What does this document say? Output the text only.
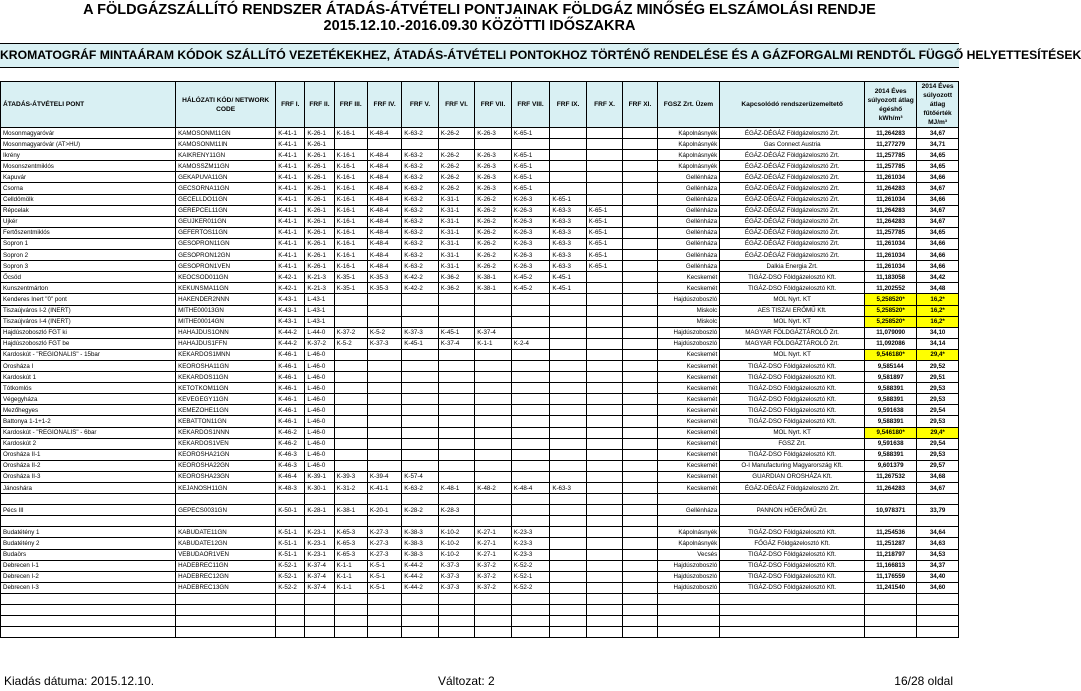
A FÖLDGÁZSZÁLLÍTÓ RENDSZER ÁTADÁS-ÁTVÉTELI PONTJAINAK FÖLDGÁZ MINŐSÉG ELSZÁMOLÁSI RENDJE
2015.12.10.-2016.09.30 KÖZÖTTI IDŐSZAKRA
KROMATOGRÁF MINTAÁRAM KÓDOK SZÁLLÍTÓ VEZETÉKEKHEZ, ÁTADÁS-ÁTVÉTELI PONTOKHOZ TÖRTÉNŐ RENDELÉSE ÉS A GÁZFORGALMI RENDTŐL FÜGGŐ HELYETTESÍTÉSEK
ÁTADÁS-ÁTVÉTELI PONT	HÁLÓZATI KÓD/ NETWORK CODE	FRF I.	FRF II.	FRF III.	FRF IV.	FRF V.	FRF VI.	FRF VII.	FRF VIII.	FRF IX.	FRF X.	FRF XI.	FGSZ Zrt. Üzem	Kapcsolódó rendszerüzemeltető	2014 Éves súlyozott átlag égéshő
kWh/m³	2014 Éves súlyozott átlag fűtőérték MJ/m³
Mosonmagyaróvár	KAMOSONM11GN	K-41-1	K-26-1	K-16-1	K-48-4	K-63-2	K-26-2	K-26-3	K-65-1				Kápolnásnyék	ÉGÁZ-DÉGÁZ Földgázelosztó Zrt.	11,264283	34,67
Mosonmagyaróvár (AT>HU)	KAMOSONM11IN	K-41-1	K-26-1										Kápolnásnyék	Gas Connect Austria	11,277279	34,71
Ikrény	KAIKRENY11GN	K-41-1	K-26-1	K-16-1	K-48-4	K-63-2	K-26-2	K-26-3	K-65-1				Kápolnásnyék	ÉGÁZ-DÉGÁZ Földgázelosztó Zrt.	11,257785	34,65
Mosonszentmiklós	KAMOSSZM11GN	K-41-1	K-26-1	K-16-1	K-48-4	K-63-2	K-26-2	K-26-3	K-65-1				Kápolnásnyék	ÉGÁZ-DÉGÁZ Földgázelosztó Zrt.	11,257785	34,65
Kapuvár	GEKAPUVA11GN	K-41-1	K-26-1	K-16-1	K-48-4	K-63-2	K-26-2	K-26-3	K-65-1				Gellénháza	ÉGÁZ-DÉGÁZ Földgázelosztó Zrt.	11,261034	34,66
Csorna	GECSORNA11GN	K-41-1	K-26-1	K-16-1	K-48-4	K-63-2	K-26-2	K-26-3	K-65-1				Gellénháza	ÉGÁZ-DÉGÁZ Földgázelosztó Zrt.	11,264283	34,67
Celldömölk	GECELLDO11GN	K-41-1	K-26-1	K-16-1	K-48-4	K-63-2	K-31-1	K-26-2	K-26-3	K-65-1			Gellénháza	ÉGÁZ-DÉGÁZ Földgázelosztó Zrt.	11,261034	34,66
Répcelak	GEREPCEL11GN	K-41-1	K-26-1	K-16-1	K-48-4	K-63-2	K-31-1	K-26-2	K-26-3	K-63-3	K-65-1		Gellénháza	ÉGÁZ-DÉGÁZ Földgázelosztó Zrt.	11,264283	34,67
Ujkér	GEUJKER011GN	K-41-1	K-26-1	K-16-1	K-48-4	K-63-2	K-31-1	K-26-2	K-26-3	K-63-3	K-65-1		Gellénháza	ÉGÁZ-DÉGÁZ Földgázelosztó Zrt.	11,264283	34,67
Fertőszentmiklós	GEFERTOS11GN	K-41-1	K-26-1	K-16-1	K-48-4	K-63-2	K-31-1	K-26-2	K-26-3	K-63-3	K-65-1		Gellénháza	ÉGÁZ-DÉGÁZ Földgázelosztó Zrt.	11,257785	34,65
Sopron 1	GESOPRON11GN	K-41-1	K-26-1	K-16-1	K-48-4	K-63-2	K-31-1	K-26-2	K-26-3	K-63-3	K-65-1		Gellénháza	ÉGÁZ-DÉGÁZ Földgázelosztó Zrt.	11,261034	34,66
Sopron 2	GESOPRON12GN	K-41-1	K-26-1	K-16-1	K-48-4	K-63-2	K-31-1	K-26-2	K-26-3	K-63-3	K-65-1		Gellénháza	ÉGÁZ-DÉGÁZ Földgázelosztó Zrt.	11,261034	34,66
Sopron 3	GESOPRON1VEN	K-41-1	K-26-1	K-16-1	K-48-4	K-63-2	K-31-1	K-26-2	K-26-3	K-63-3	K-65-1		Gellénháza	Dalkia Energia Zrt.	11,261034	34,66
Őcsöd	KEOCSOD011GN	K-42-1	K-21-3	K-35-1	K-35-3	K-42-2	K-36-2	K-38-1	K-45-2	K-45-1			Kecskemét	TIGÁZ-DSO Földgázelosztó Kft.	11,183058	34,42
Kunszentmárton	KEKUNSMA11GN	K-42-1	K-21-3	K-35-1	K-35-3	K-42-2	K-36-2	K-38-1	K-45-2	K-45-1			Kecskemét	TIGÁZ-DSO Földgázelosztó Kft.	11,202552	34,48
Kenderes Inert "0" pont	HAKENDER2NNN	K-43-1	L-43-1										Hajdúszoboszló	MOL Nyrt. KT	5,258520*	16,2*
Tiszaújváros I-2 (INERT)	MITHE00013GN	K-43-1	L-43-1										Miskolc	AES TISZAI ERŐMŰ Kft.	5,258520*	16,2*
Tiszaújváros I-4 (INERT)	MITHE00014GN	K-43-1	L-43-1										Miskolc	MOL Nyrt. KT	5,258520*	16,2*
Hajdúszoboszló FGT ki	HAHAJDUS1ONN	K-44-2	L-44-0	K-37-2	K-5-2	K-37-3	K-45-1	K-37-4					Hajdúszoboszló	MAGYAR FÖLDGÁZTÁROLÓ Zrt.	11,079090	34,10
Hajdúszoboszló FGT be	HAHAJDUS1FFN	K-44-2	K-37-2	K-5-2	K-37-3	K-45-1	K-37-4	K-1-1	K-2-4				Hajdúszoboszló	MAGYAR FÖLDGÁZTÁROLÓ Zrt.	11,092086	34,14
Kardoskút - "REGIONALIS" - 15bar	KEKARDOS1MNN	K-46-1	L-46-0										Kecskemét	MOL Nyrt. KT	9,546180*	29,4*
Orosháza I	KEOROSHA11GN	K-46-1	L-46-0										Kecskemét	TIGÁZ-DSO Földgázelosztó Kft.	9,585144	29,52
Kardoskút 1	KEKARDOS11GN	K-46-1	L-46-0										Kecskemét	TIGÁZ-DSO Földgázelosztó Kft.	9,581897	29,51
Tótkomlós	KETOTKOM11GN	K-46-1	L-46-0										Kecskemét	TIGÁZ-DSO Földgázelosztó Kft.	9,588391	29,53
Végegyháza	KEVEGEGY11GN	K-46-1	L-46-0										Kecskemét	TIGÁZ-DSO Földgázelosztó Kft.	9,588391	29,53
Mezőhegyes	KEMEZOHE11GN	K-46-1	L-46-0										Kecskemét	TIGÁZ-DSO Földgázelosztó Kft.	9,591638	29,54
Battonya 1-1+1-2	KEBATTON11GN	K-46-1	L-46-0										Kecskemét	TIGÁZ-DSO Földgázelosztó Kft.	9,588391	29,53
Kardoskút - "REGIONALIS" - 6bar	KEKARDOS1NNN	K-46-2	L-46-0										Kecskemét	MOL Nyrt. KT	9,546180*	29,4*
Kardoskút 2	KEKARDOS1VEN	K-46-2	L-46-0										Kecskemét	FGSZ Zrt.	9,591638	29,54
Orosháza II-1	KEOROSHA21GN	K-46-3	L-46-0										Kecskemét	TIGÁZ-DSO Földgázelosztó Kft.	9,588391	29,53
Orosháza II-2	KEOROSHA22GN	K-46-3	L-46-0										Kecskemét	O-I Manufacturing Magyarország Kft.	9,601379	29,57
Orosháza II-3	KEOROSHA23GN	K-46-4	K-39-1	K-39-3	K-39-4	K-57-4							Kecskemét	GUARDIAN OROSHÁZA Kft.	11,267532	34,68
Jánoshára	KEJANOSH11GN	K-48-3	K-30-1	K-31-2	K-41-1	K-63-2	K-48-1	K-48-2	K-48-4	K-63-3			Kecskemét	ÉGÁZ-DÉGÁZ Földgázelosztó Zrt.	11,264283	34,67

Pécs III	GEPECS0031GN	K-50-1	K-28-1	K-38-1	K-20-1	K-28-2	K-28-3						Gellénháza	PANNON HŐERŐMŰ Zrt.	10,978371	33,79

Budatétény 1	KABUDATE11GN	K-51-1	K-23-1	K-65-3	K-27-3	K-38-3	K-10-2	K-27-1	K-23-3				Kápolnásnyék	TIGÁZ-DSO Földgázelosztó Kft.	11,254536	34,64
Budatétény 2	KABUDATE12GN	K-51-1	K-23-1	K-65-3	K-27-3	K-38-3	K-10-2	K-27-1	K-23-3				Kápolnásnyék	FŐGÁZ Földgázelosztó Kft.	11,251287	34,63
Budaörs	VEBUDAOR1VEN	K-51-1	K-23-1	K-65-3	K-27-3	K-38-3	K-10-2	K-27-1	K-23-3				Vecsés	TIGÁZ-DSO Földgázelosztó Kft.	11,218797	34,53
Debrecen I-1	HADEBREC11GN	K-52-1	K-37-4	K-1-1	K-5-1	K-44-2	K-37-3	K-37-2	K-52-2				Hajdúszoboszló	TIGÁZ-DSO Földgázelosztó Kft.	11,166813	34,37
Debrecen I-2	HADEBREC12GN	K-52-1	K-37-4	K-1-1	K-5-1	K-44-2	K-37-3	K-37-2	K-52-1				Hajdúszoboszló	TIGÁZ-DSO Földgázelosztó Kft.	11,176559	34,40
Debrecen I-3	HADEBREC13GN	K-52-2	K-37-4	K-1-1	K-5-1	K-44-2	K-37-3	K-37-2	K-52-2				Hajdúszoboszló	TIGÁZ-DSO Földgázelosztó Kft.	11,241540	34,60

Kiadás dátuma: 2015.12.10.	Változat: 2	16/28 oldal
